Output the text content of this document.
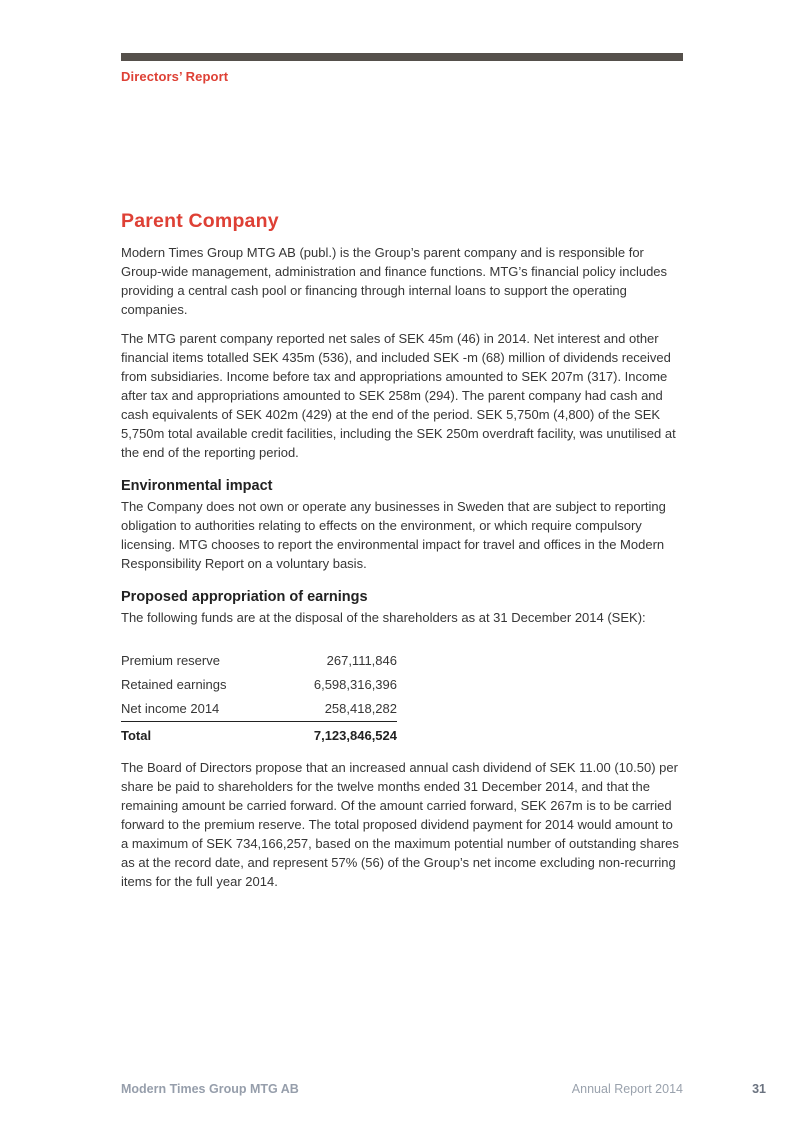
Directors’ Report
Parent Company

Modern Times Group MTG AB (publ.) is the Group’s parent company and is responsible for Group-wide management, administration and finance functions. MTG’s financial policy includes providing a central cash pool or financing through internal loans to support the operating companies.

The MTG parent company reported net sales of SEK 45m (46) in 2014. Net interest and other financial items totalled SEK 435m (536), and included SEK -m (68) million of dividends received from subsidiaries. Income before tax and appropriations amounted to SEK 207m (317). Income after tax and appropriations amounted to SEK 258m (294). The parent company had cash and cash equivalents of SEK 402m (429) at the end of the period. SEK 5,750m (4,800) of the SEK 5,750m total available credit facilities, including the SEK 250m overdraft facility, was unutilised at the end of the reporting period.

Environmental impact

The Company does not own or operate any businesses in Sweden that are subject to reporting obligation to authorities relating to effects on the environment, or which require compulsory licensing. MTG chooses to report the environmental impact for travel and offices in the Modern Responsibility Report on a voluntary basis.

Proposed appropriation of earnings

The following funds are at the disposal of the shareholders as at 31 December 2014 (SEK):

Premium reserve	267,111,846
Retained earnings	6,598,316,396
Net income 2014	258,418,282
Total	7,123,846,524

The Board of Directors propose that an increased annual cash dividend of SEK 11.00 (10.50) per share be paid to shareholders for the twelve months ended 31 December 2014, and that the remaining amount be carried forward. Of the amount carried forward, SEK 267m is to be carried forward to the premium reserve. The total proposed dividend payment for 2014 would amount to a maximum of SEK 734,166,257, based on the maximum potential number of outstanding shares as at the record date, and represent 57% (56) of the Group’s net income excluding non-recurring items for the full year 2014.

Modern Times Group MTG AB	Annual Report 2014	31
